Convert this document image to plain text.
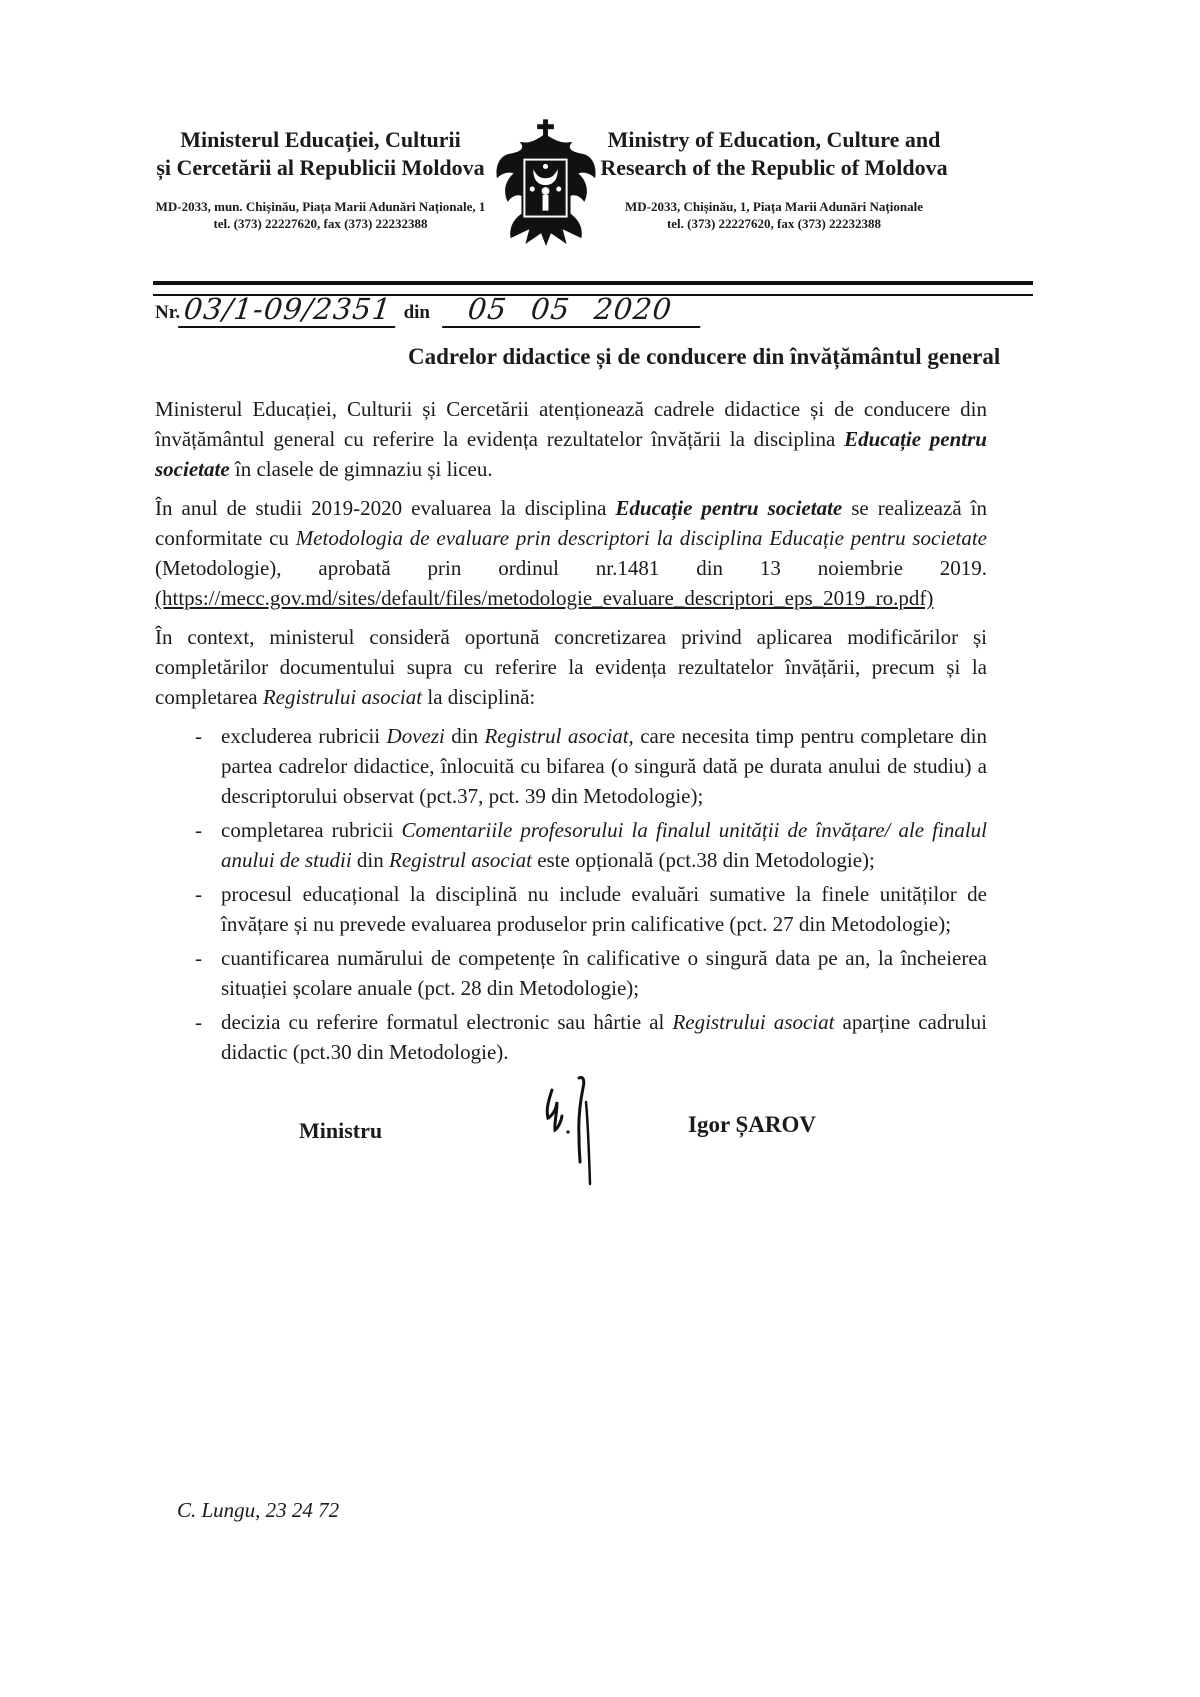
Ministerul Educației, Culturii
și Cercetării al Republicii Moldova
MD-2033, mun. Chișinău, Piața Marii Adunări Naționale, 1
tel. (373) 22227620, fax (373) 22232388
Ministry of Education, Culture and
Research of the Republic of Moldova
MD-2033, Chișinău, 1, Piața Marii Adunări Naționale
tel. (373) 22227620, fax (373) 22232388
Nr. 03/1-09/2351 din	05 05 2020
Cadrelor didactice și de conducere din învățământul general

Ministerul Educației, Culturii și Cercetării atenționează cadrele didactice și de conducere din învățământul general cu referire la evidența rezultatelor învățării la disciplina Educație pentru societate în clasele de gimnaziu și liceu.

În anul de studii 2019-2020 evaluarea la disciplina Educație pentru societate se realizează în conformitate cu Metodologia de evaluare prin descriptori la disciplina Educație pentru societate (Metodologie), aprobată prin ordinul nr.1481 din 13 noiembrie 2019. (https://mecc.gov.md/sites/default/files/metodologie_evaluare_descriptori_eps_2019_ro.pdf)

În context, ministerul consideră oportună concretizarea privind aplicarea modificărilor și completărilor documentului supra cu referire la evidența rezultatelor învățării, precum și la completarea Registrului asociat la disciplină:

- excluderea rubricii Dovezi din Registrul asociat, care necesita timp pentru completare din partea cadrelor didactice, înlocuită cu bifarea (o singură dată pe durata anului de studiu) a descriptorului observat (pct.37, pct. 39 din Metodologie);
- completarea rubricii Comentariile profesorului la finalul unității de învățare/ ale finalul anului de studii din Registrul asociat este opțională (pct.38 din Metodologie);
- procesul educațional la disciplină nu include evaluări sumative la finele unităților de învățare și nu prevede evaluarea produselor prin calificative (pct. 27 din Metodologie);
- cuantificarea numărului de competențe în calificative o singură data pe an, la încheierea situației școlare anuale (pct. 28 din Metodologie);
- decizia cu referire formatul electronic sau hârtie al Registrului asociat aparține cadrului didactic (pct.30 din Metodologie).
Ministru	Igor ȘAROV
C. Lungu, 23 24 72
